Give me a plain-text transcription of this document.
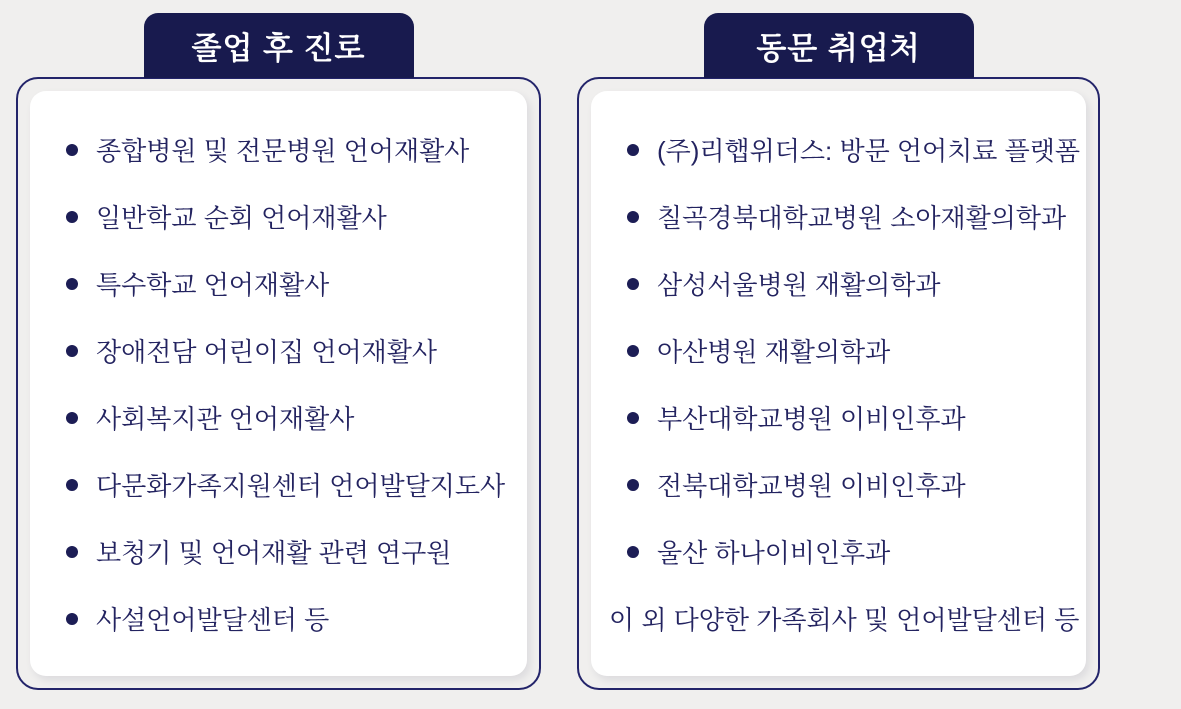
졸업 후 진로
종합병원 및 전문병원 언어재활사
일반학교 순회 언어재활사
특수학교 언어재활사
장애전담 어린이집 언어재활사
사회복지관 언어재활사
다문화가족지원센터 언어발달지도사
보청기 및 언어재활 관련 연구원
사설언어발달센터 등
동문 취업처
(주)리햅위더스: 방문 언어치료 플랫폼
칠곡경북대학교병원 소아재활의학과
삼성서울병원 재활의학과
아산병원 재활의학과
부산대학교병원 이비인후과
전북대학교병원 이비인후과
울산 하나이비인후과
이 외 다양한 가족회사 및 언어발달센터 등
